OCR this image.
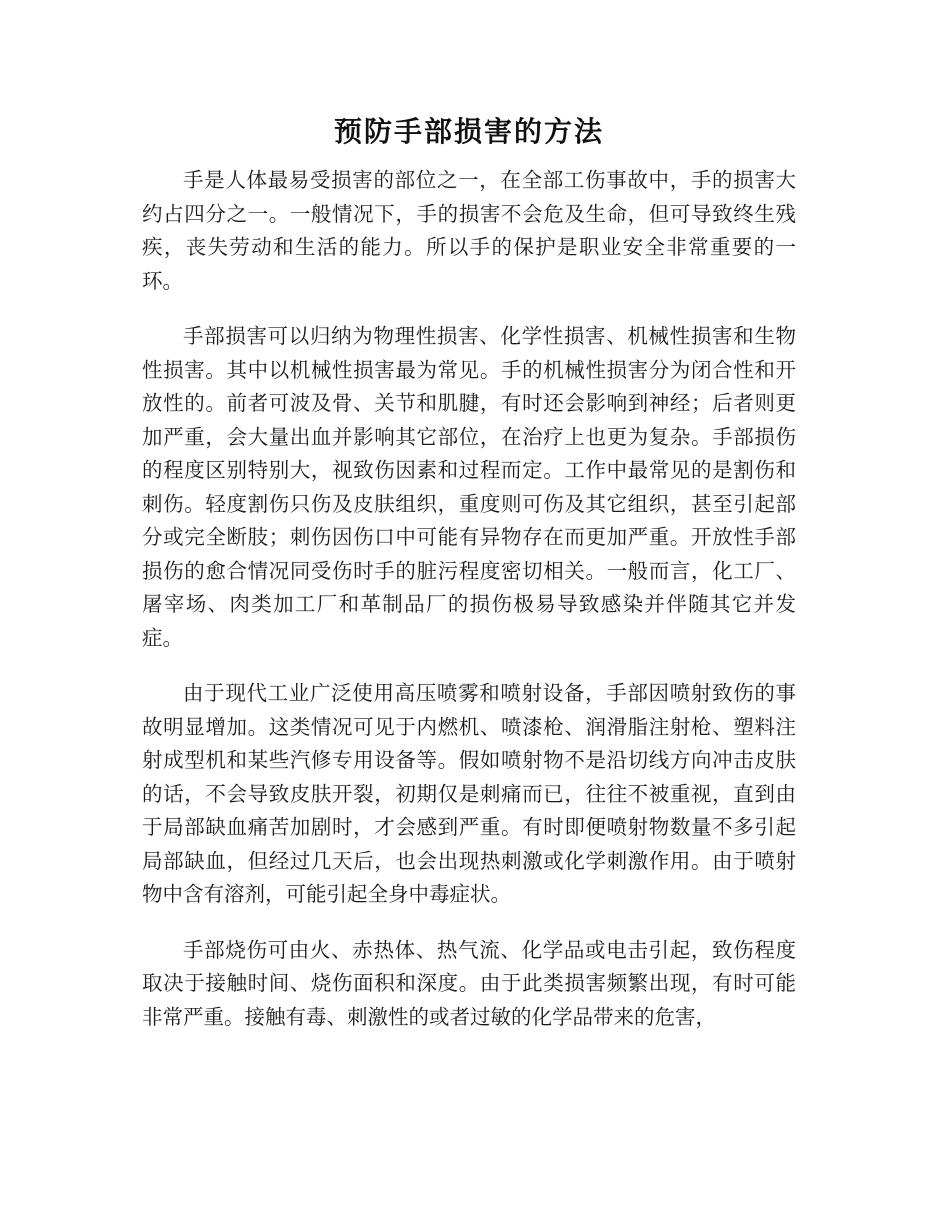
预防手部损害的方法

手是人体最易受损害的部位之一，在全部工伤事故中，手的损害大约占四分之一。一般情况下，手的损害不会危及生命，但可导致终生残疾，丧失劳动和生活的能力。所以手的保护是职业安全非常重要的一环。

手部损害可以归纳为物理性损害、化学性损害、机械性损害和生物性损害。其中以机械性损害最为常见。手的机械性损害分为闭合性和开放性的。前者可波及骨、关节和肌腱，有时还会影响到神经；后者则更加严重，会大量出血并影响其它部位，在治疗上也更为复杂。手部损伤的程度区别特别大，视致伤因素和过程而定。工作中最常见的是割伤和刺伤。轻度割伤只伤及皮肤组织，重度则可伤及其它组织，甚至引起部分或完全断肢；刺伤因伤口中可能有异物存在而更加严重。开放性手部损伤的愈合情况同受伤时手的脏污程度密切相关。一般而言，化工厂、屠宰场、肉类加工厂和革制品厂的损伤极易导致感染并伴随其它并发症。

由于现代工业广泛使用高压喷雾和喷射设备，手部因喷射致伤的事故明显增加。这类情况可见于内燃机、喷漆枪、润滑脂注射枪、塑料注射成型机和某些汽修专用设备等。假如喷射物不是沿切线方向冲击皮肤的话，不会导致皮肤开裂，初期仅是刺痛而已，往往不被重视，直到由于局部缺血痛苦加剧时，才会感到严重。有时即便喷射物数量不多引起局部缺血，但经过几天后，也会出现热刺激或化学刺激作用。由于喷射物中含有溶剂，可能引起全身中毒症状。

手部烧伤可由火、赤热体、热气流、化学品或电击引起，致伤程度取决于接触时间、烧伤面积和深度。由于此类损害频繁出现，有时可能非常严重。接触有毒、刺激性的或者过敏的化学品带来的危害，
